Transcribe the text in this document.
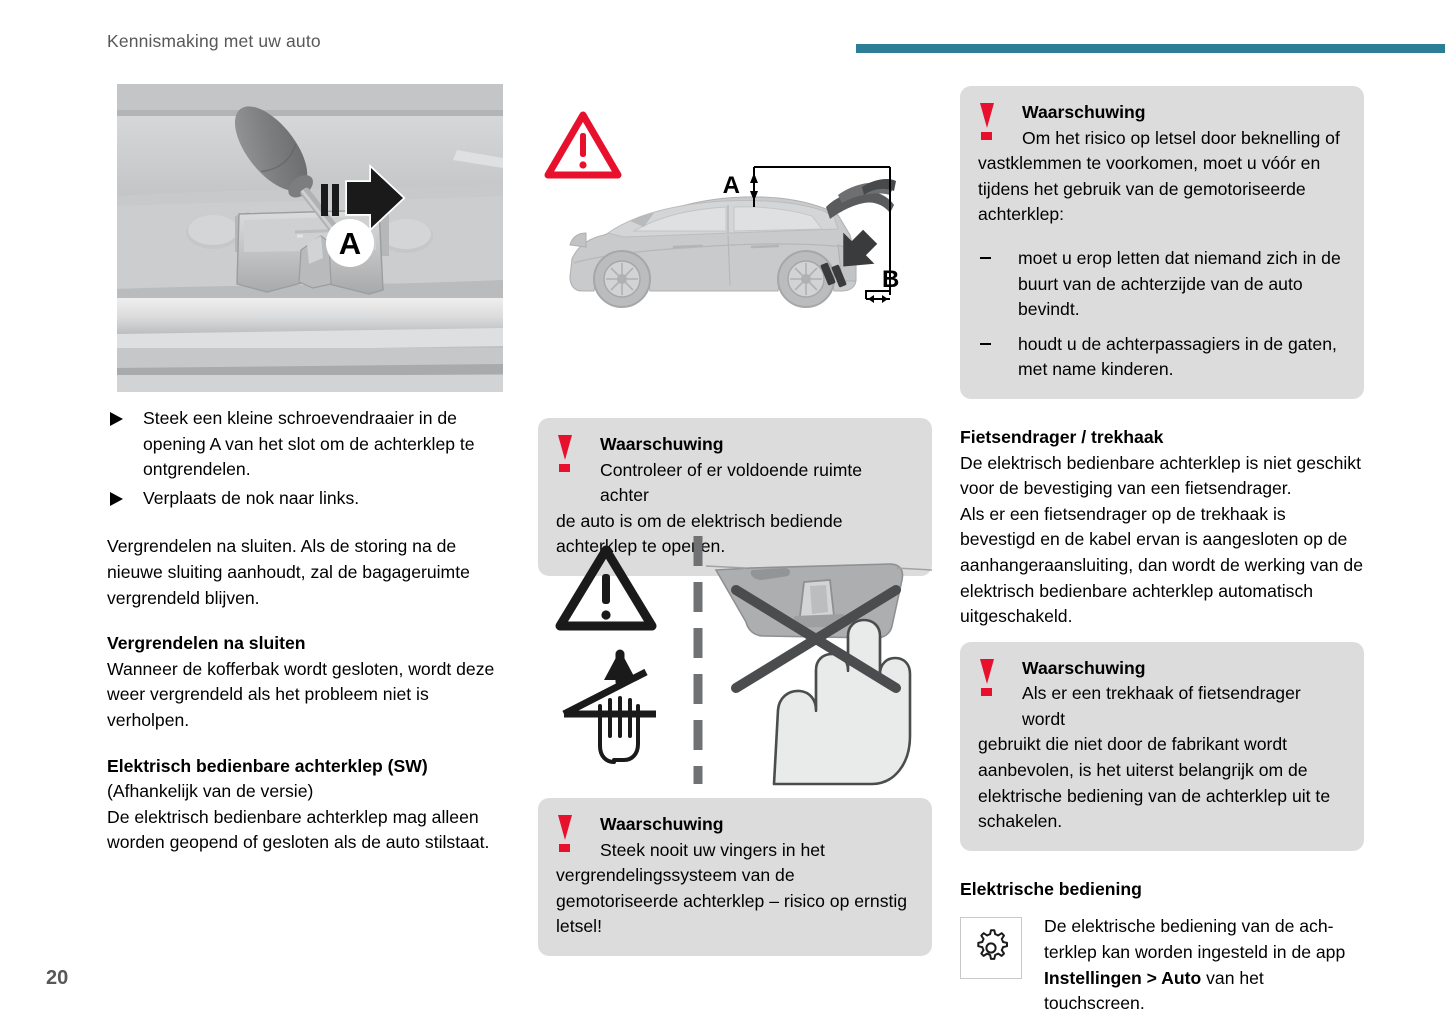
Kennismaking met uw auto
A
Steek een kleine schroevendraaier in de opening A van het slot om de achterklep te ontgrendelen.
Verplaats de nok naar links.

Vergrendelen na sluiten. Als de storing na de nieuwe sluiting aanhoudt, zal de bagageruimte vergrendeld blijven.

Vergrendelen na sluiten

Wanneer de kofferbak wordt gesloten, wordt deze weer vergrendeld als het probleem niet is verholpen.

Elektrisch bedienbare achterklep (SW)

(Afhankelijk van de versie)

De elektrisch bedienbare achterklep mag alleen worden geopend of gesloten als de auto stilstaat.

A
B
Waarschuwing

Controleer of er voldoende ruimte achter de auto is om de elektrisch bediende achterklep te openen.

Waarschuwing

Steek nooit uw vingers in het vergrendelingssysteem van de gemotoriseerde achterklep – risico op ernstig letsel!

Waarschuwing

Om het risico op letsel door beknelling of vastklemmen te voorkomen, moet u vóór en tijdens het gebruik van de gemotoriseerde achterklep:

moet u erop letten dat niemand zich in de buurt van de achterzijde van de auto bevindt.
houdt u de achterpassagiers in de gaten, met name kinderen.
Fietsendrager / trekhaak

De elektrisch bedienbare achterklep is niet geschikt voor de bevestiging van een fietsendrager.

Als er een fietsendrager op de trekhaak is bevestigd en de kabel ervan is aangesloten op de aanhangeraansluiting, dan wordt de werking van de elektrisch bedienbare achterklep automatisch uitgeschakeld.

Waarschuwing

Als er een trekhaak of fietsendrager wordt gebruikt die niet door de fabrikant wordt aanbevolen, is het uiterst belangrijk om de elektrische bediening van de achterklep uit te schakelen.

Elektrische bediening
De elektrische bediening van de ach-terklep kan worden ingesteld in de app Instellingen > Auto van het touchscreen.
20
